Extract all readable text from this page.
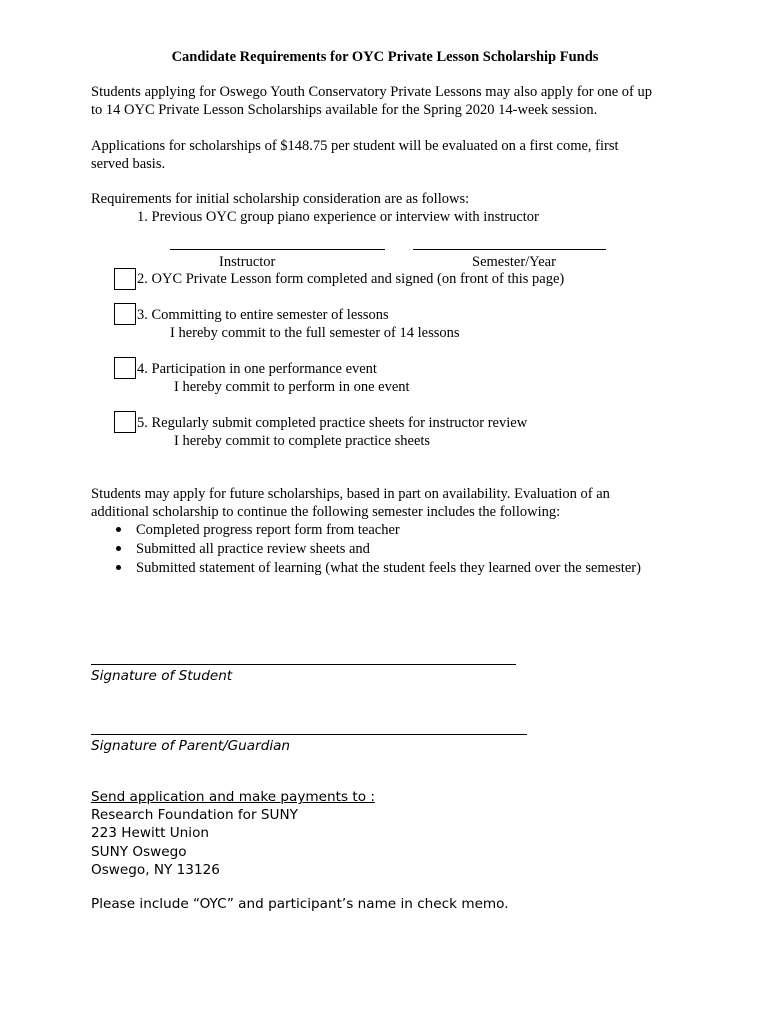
Candidate Requirements for OYC Private Lesson Scholarship Funds
Students applying for Oswego Youth Conservatory Private Lessons may also apply for one of up
to 14 OYC Private Lesson Scholarships available for the Spring 2020 14-week session.
Applications for scholarships of $148.75 per student will be evaluated on a first come, first
served basis.
Requirements for initial scholarship consideration are as follows:
1. Previous OYC group piano experience or interview with instructor
Instructor	Semester/Year
2. OYC Private Lesson form completed and signed (on front of this page)
3. Committing to entire semester of lessons
I hereby commit to the full semester of 14 lessons
4. Participation in one performance event
I hereby commit to perform in one event
5. Regularly submit completed practice sheets for instructor review
I hereby commit to complete practice sheets
Students may apply for future scholarships, based in part on availability. Evaluation of an
additional scholarship to continue the following semester includes the following:
Completed progress report form from teacher
Submitted all practice review sheets and
Submitted statement of learning (what the student feels they learned over the semester)
Signature of Student
Signature of Parent/Guardian
Send application and make payments to :
Research Foundation for SUNY
223 Hewitt Union
SUNY Oswego
Oswego, NY 13126
Please include “OYC” and participant’s name in check memo.
